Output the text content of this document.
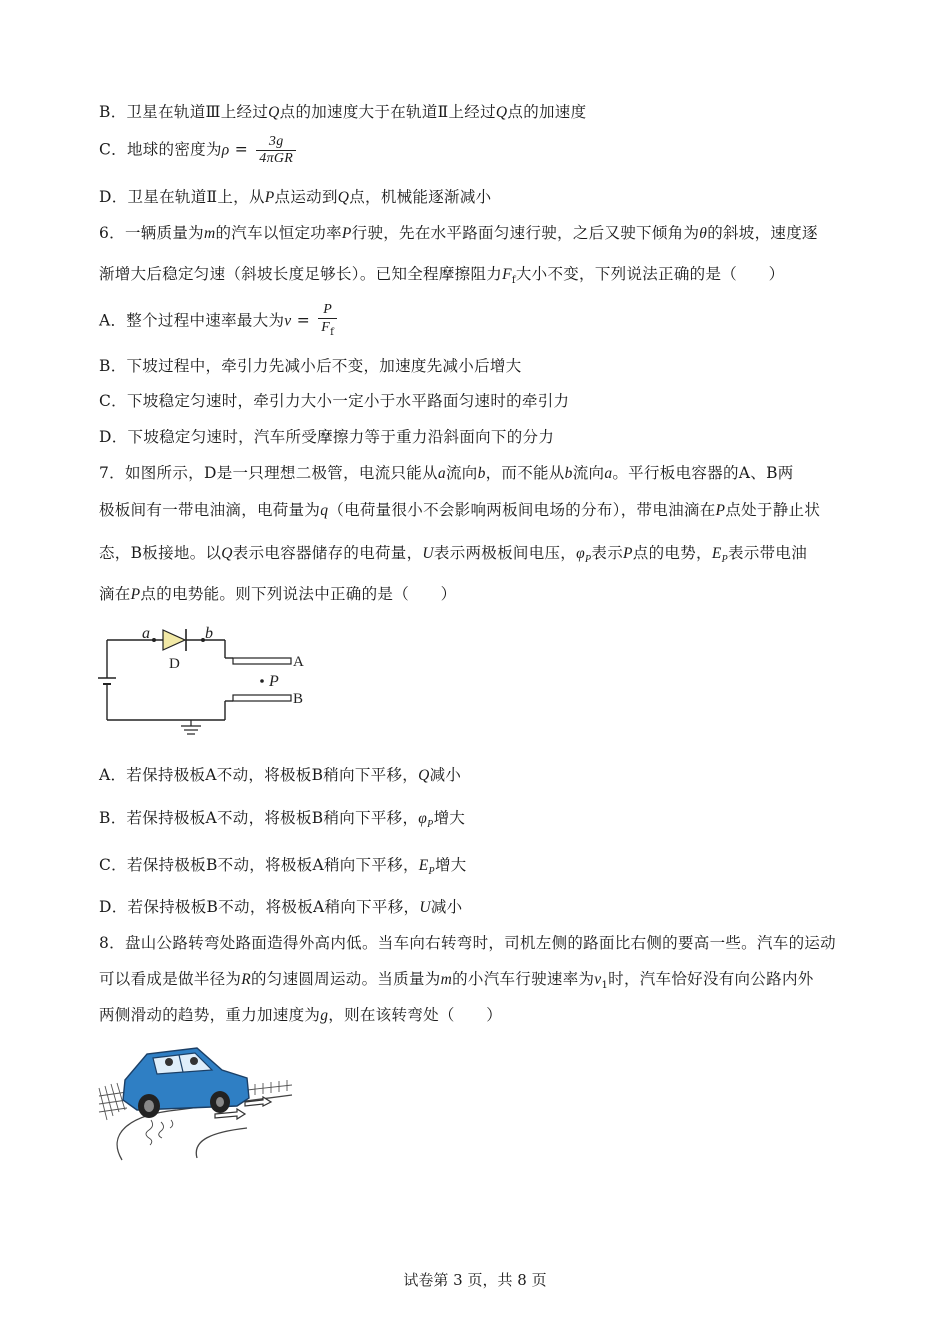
B．卫星在轨道Ⅲ上经过Q点的加速度大于在轨道Ⅱ上经过Q点的加速度
C．地球的密度为$\rho = \frac{3g}{\text{4πGR}}$
D．卫星在轨道Ⅱ上，从P点运动到Q点，机械能逐渐减小
6．一辆质量为m的汽车以恒定功率P行驶，先在水平路面匀速行驶，之后又驶下倾角为θ的斜坡，速度逐
渐增大后稳定匀速（斜坡长度足够长）。已知全程摩擦阻力$F_f$大小不变，下列说法正确的是（　　）
A．整个过程中速率最大为$v = \frac{P}{F_f}$
B．下坡过程中，牵引力先减小后不变，加速度先减小后增大
C．下坡稳定匀速时，牵引力大小一定小于水平路面匀速时的牵引力
D．下坡稳定匀速时，汽车所受摩擦力等于重力沿斜面向下的分力
7．如图所示，D是一只理想二极管，电流只能从a流向b，而不能从b流向a。平行板电容器的A、B两
极板间有一带电油滴，电荷量为q（电荷量很小不会影响两板间电场的分布），带电油滴在P点处于静止状
态，B板接地。以Q表示电容器储存的电荷量，U表示两极板间电压，$\varphi_P$表示P点的电势，$E_P$表示带电油
滴在P点的电势能。则下列说法中正确的是（　　）
a	b
D	A
P
B
A．若保持极板A不动，将极板B稍向下平移，Q减小
B．若保持极板A不动，将极板B稍向下平移，$\varphi_P$增大
C．若保持极板B不动，将极板A稍向下平移，$E_P$增大
D．若保持极板B不动，将极板A稍向下平移，U减小
8．盘山公路转弯处路面造得外高内低。当车向右转弯时，司机左侧的路面比右侧的要高一些。汽车的运动
可以看成是做半径为R的匀速圆周运动。当质量为m的小汽车行驶速率为$v_1$时，汽车恰好没有向公路内外
两侧滑动的趋势，重力加速度为g，则在该转弯处（　　）
试卷第 3 页，共 8 页
